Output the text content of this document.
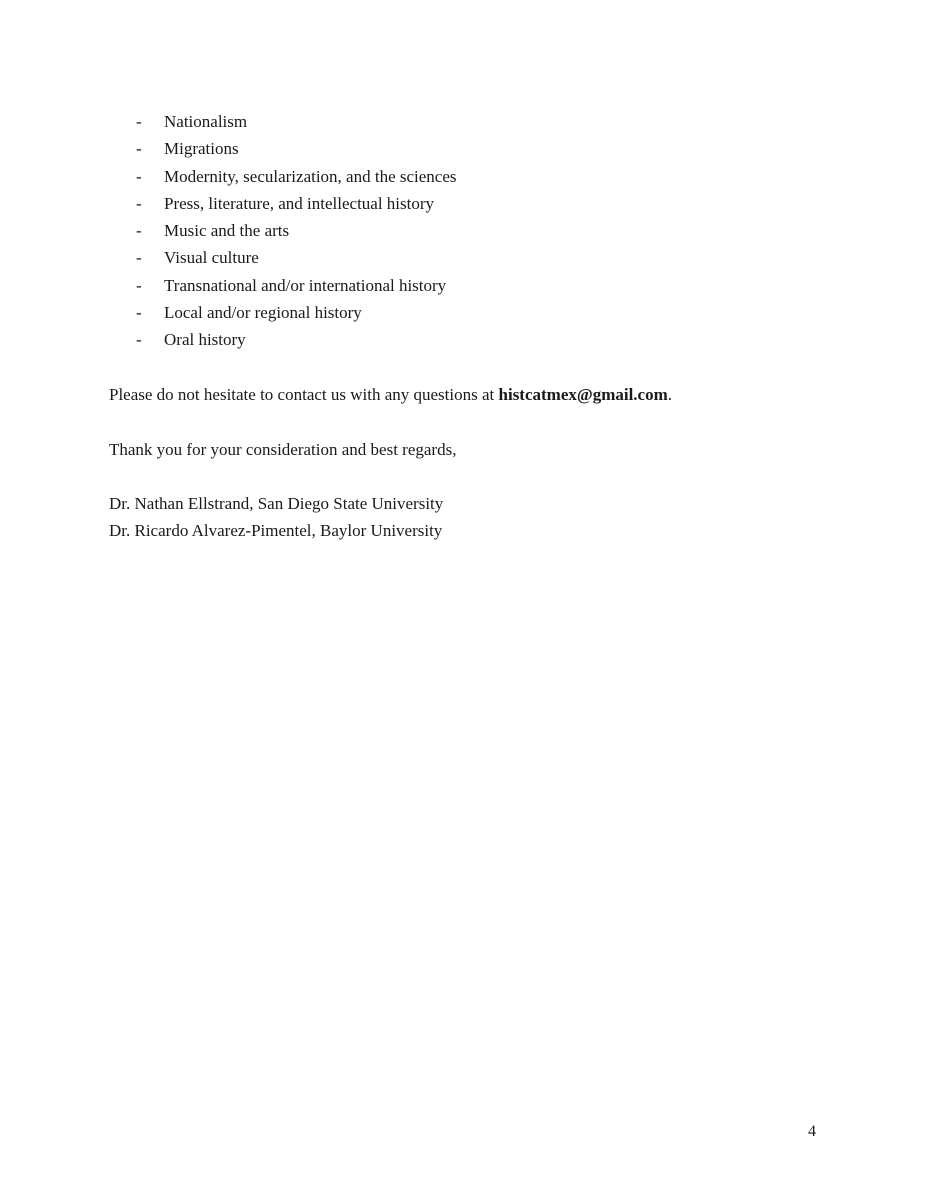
- Nationalism
- Migrations
- Modernity, secularization, and the sciences
- Press, literature, and intellectual history
- Music and the arts
- Visual culture
- Transnational and/or international history
- Local and/or regional history
- Oral history

Please do not hesitate to contact us with any questions at histcatmex@gmail.com.

Thank you for your consideration and best regards,

Dr. Nathan Ellstrand, San Diego State University

Dr. Ricardo Alvarez-Pimentel, Baylor University

4
